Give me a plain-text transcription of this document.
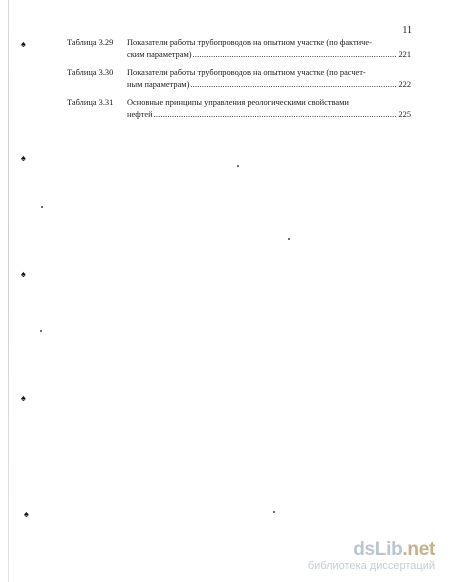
11
Таблица 3.29 Показатели работы трубопроводов на опытном участке (по фактиче-
ским параметрам) .....	221
Таблица 3.30 Показатели работы трубопроводов на опытном участке (по расчет-
ным параметрам) .....	222
Таблица 3.31 Основные принципы управления реологическими свойствами
нефтей .....	225
♠
♠
♠
♠
♠
dsLib.net
библиотека диссертаций
